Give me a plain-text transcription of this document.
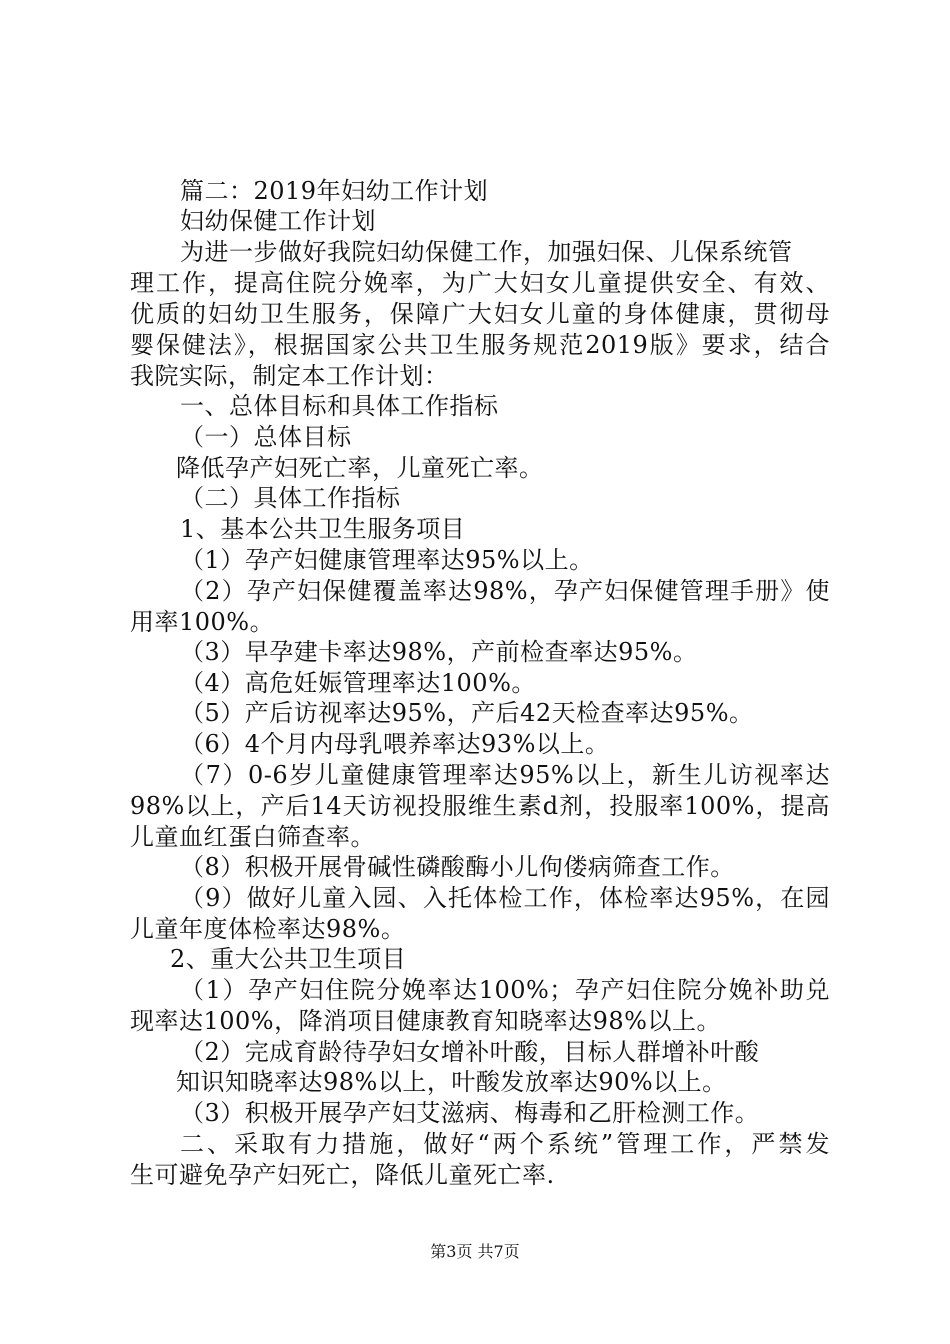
篇二：2019年妇幼工作计划
妇幼保健工作计划
为进一步做好我院妇幼保健工作，加强妇保、儿保系统管
理工作，提高住院分娩率，为广大妇女儿童提供安全、有效、
优质的妇幼卫生服务，保障广大妇女儿童的身体健康，贯彻母
婴保健法》，根据国家公共卫生服务规范2019版》要求，结合
我院实际，制定本工作计划：
一、总体目标和具体工作指标
（一）总体目标
降低孕产妇死亡率，儿童死亡率。
（二）具体工作指标
1、基本公共卫生服务项目
（1）孕产妇健康管理率达95%以上。
（2）孕产妇保健覆盖率达98%，孕产妇保健管理手册》使
用率100%。
（3）早孕建卡率达98%，产前检查率达95%。
（4）高危妊娠管理率达100%。
（5）产后访视率达95%，产后42天检查率达95%。
（6）4个月内母乳喂养率达93%以上。
（7）0-6岁儿童健康管理率达95%以上，新生儿访视率达
98%以上，产后14天访视投服维生素d剂，投服率100%，提高
儿童血红蛋白筛查率。
（8）积极开展骨碱性磷酸酶小儿佝偻病筛查工作。
（9）做好儿童入园、入托体检工作，体检率达95%，在园
儿童年度体检率达98%。
2、重大公共卫生项目
（1）孕产妇住院分娩率达100%；孕产妇住院分娩补助兑
现率达100%，降消项目健康教育知晓率达98%以上。
（2）完成育龄待孕妇女增补叶酸，目标人群增补叶酸
知识知晓率达98%以上，叶酸发放率达90%以上。
（3）积极开展孕产妇艾滋病、梅毒和乙肝检测工作。
二、采取有力措施，做好“两个系统”管理工作，严禁发
生可避免孕产妇死亡，降低儿童死亡率.
第3页 共7页
